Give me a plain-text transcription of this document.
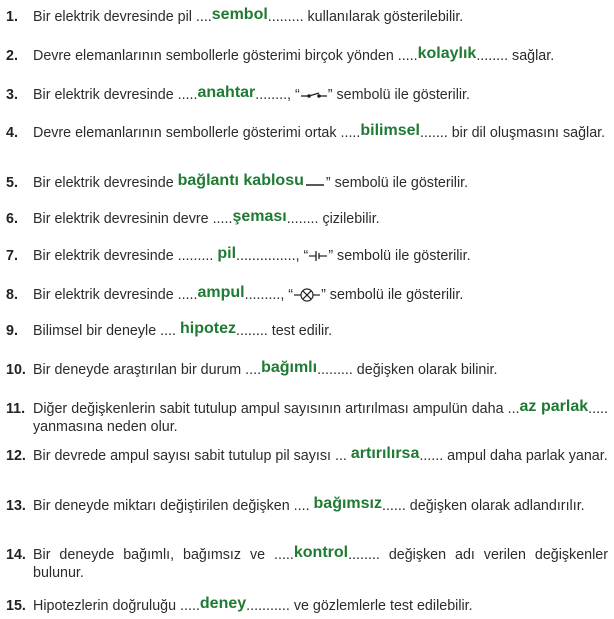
1. Bir elektrik devresinde pil ....sembol......... kullanılarak gösterilebilir.
2. Devre elemanlarının sembollerle gösterimi birçok yönden .....kolaylık........ sağlar.
3. Bir elektrik devresinde .....anahtar........, “ ” sembolü ile gösterilir.
4. Devre elemanlarının sembollerle gösterimi ortak .....bilimsel....... bir dil oluşmasını sağlar.
5. Bir elektrik devresinde bağlantı kablosu ” sembolü ile gösterilir.
6. Bir elektrik devresinin devre .....şeması........ çizilebilir.
7. Bir elektrik devresinde ......... pil..............., “ ” sembolü ile gösterilir.
8. Bir elektrik devresinde .....ampul........., “ ” sembolü ile gösterilir.
9. Bilimsel bir deneyle .... hipotez........ test edilir.
10. Bir deneyde araştırılan bir durum ....bağımlı......... değişken olarak bilinir.
11. Diğer değişkenlerin sabit tutulup ampul sayısının artırılması ampulün daha ...az parlak..... yanmasına neden olur.
12. Bir devrede ampul sayısı sabit tutulup pil sayısı ... artırılırsa...... ampul daha parlak yanar.
13. Bir deneyde miktarı değiştirilen değişken .... bağımsız...... değişken olarak adlandırılır.
14. Bir deneyde bağımlı, bağımsız ve .....kontrol........ değişken adı verilen değişkenler bulunur.
15. Hipotezlerin doğruluğu .....deney........... ve gözlemlerle test edilebilir.
